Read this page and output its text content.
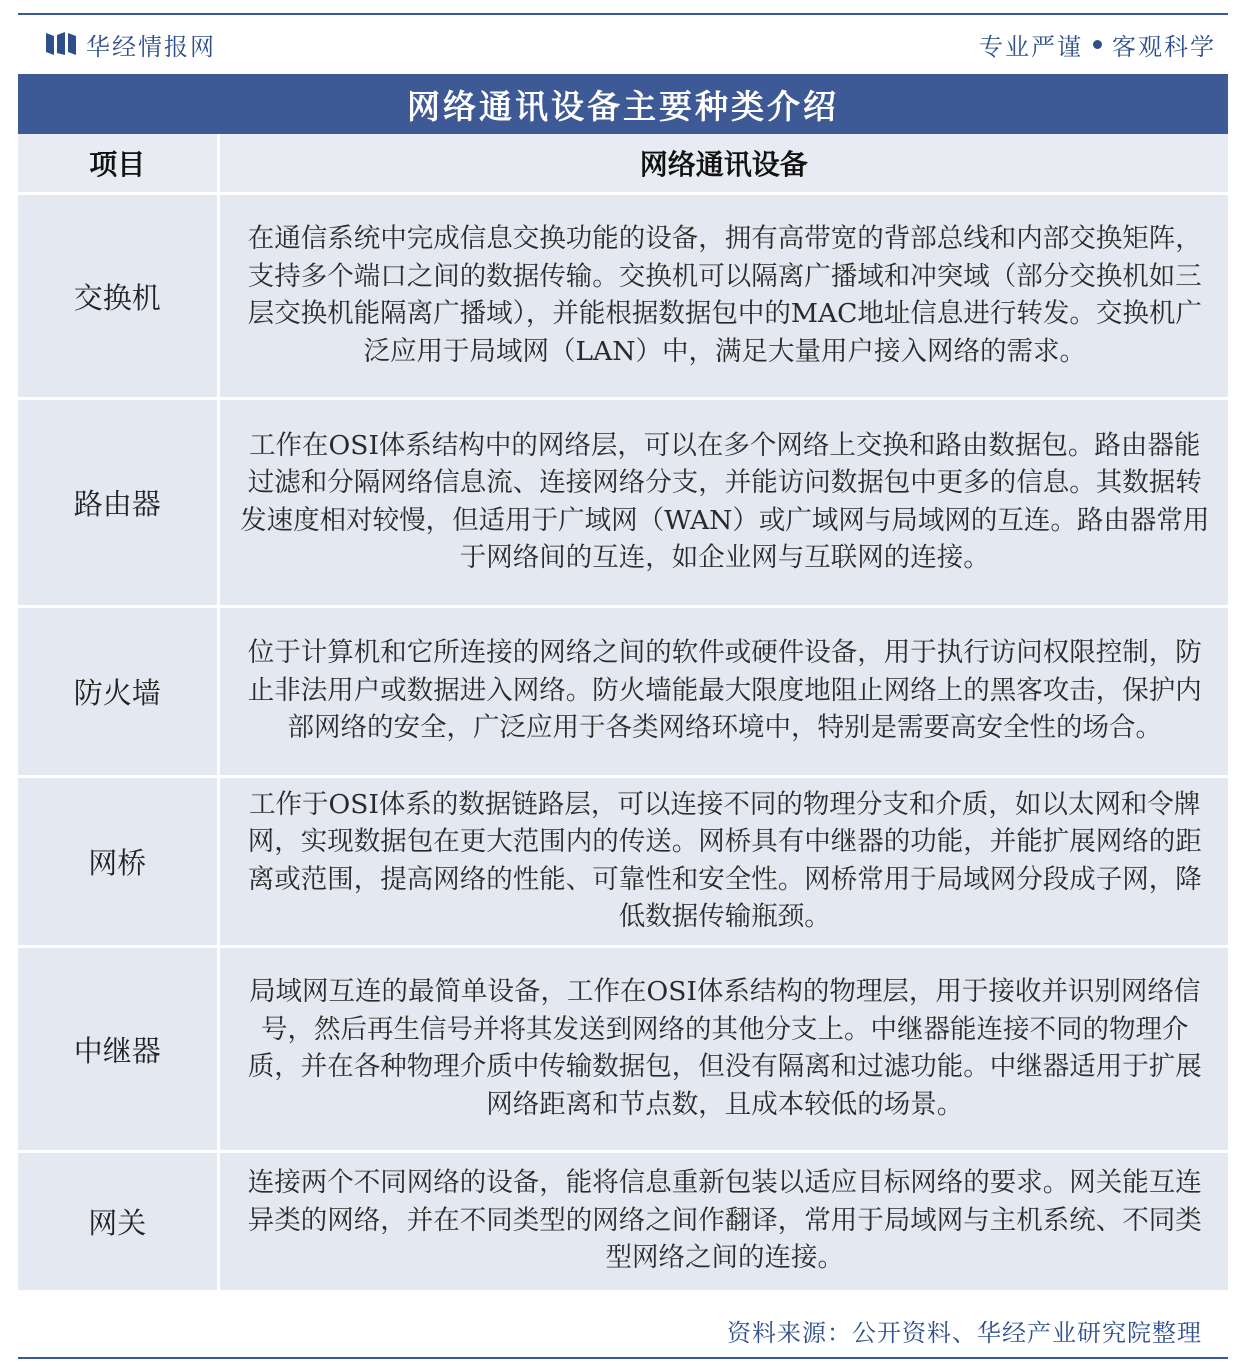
华经情报网	专业严谨 客观科学
网络通讯设备主要种类介绍
项目	网络通讯设备
交换机	在通信系统中完成信息交换功能的设备，拥有高带宽的背部总线和内部交换矩阵，支持多个端口之间的数据传输。交换机可以隔离广播域和冲突域（部分交换机如三层交换机能隔离广播域），并能根据数据包中的MAC地址信息进行转发。交换机广泛应用于局域网（LAN）中，满足大量用户接入网络的需求。
路由器	工作在OSI体系结构中的网络层，可以在多个网络上交换和路由数据包。路由器能过滤和分隔网络信息流、连接网络分支，并能访问数据包中更多的信息。其数据转发速度相对较慢，但适用于广域网（WAN）或广域网与局域网的互连。路由器常用于网络间的互连，如企业网与互联网的连接。
防火墙	位于计算机和它所连接的网络之间的软件或硬件设备，用于执行访问权限控制，防止非法用户或数据进入网络。防火墙能最大限度地阻止网络上的黑客攻击，保护内部网络的安全，广泛应用于各类网络环境中，特别是需要高安全性的场合。
网桥	工作于OSI体系的数据链路层，可以连接不同的物理分支和介质，如以太网和令牌网，实现数据包在更大范围内的传送。网桥具有中继器的功能，并能扩展网络的距离或范围，提高网络的性能、可靠性和安全性。网桥常用于局域网分段成子网，降低数据传输瓶颈。
中继器	局域网互连的最简单设备，工作在OSI体系结构的物理层，用于接收并识别网络信号，然后再生信号并将其发送到网络的其他分支上。中继器能连接不同的物理介质，并在各种物理介质中传输数据包，但没有隔离和过滤功能。中继器适用于扩展网络距离和节点数，且成本较低的场景。
网关	连接两个不同网络的设备，能将信息重新包装以适应目标网络的要求。网关能互连异类的网络，并在不同类型的网络之间作翻译，常用于局域网与主机系统、不同类型网络之间的连接。
资料来源：公开资料、华经产业研究院整理
